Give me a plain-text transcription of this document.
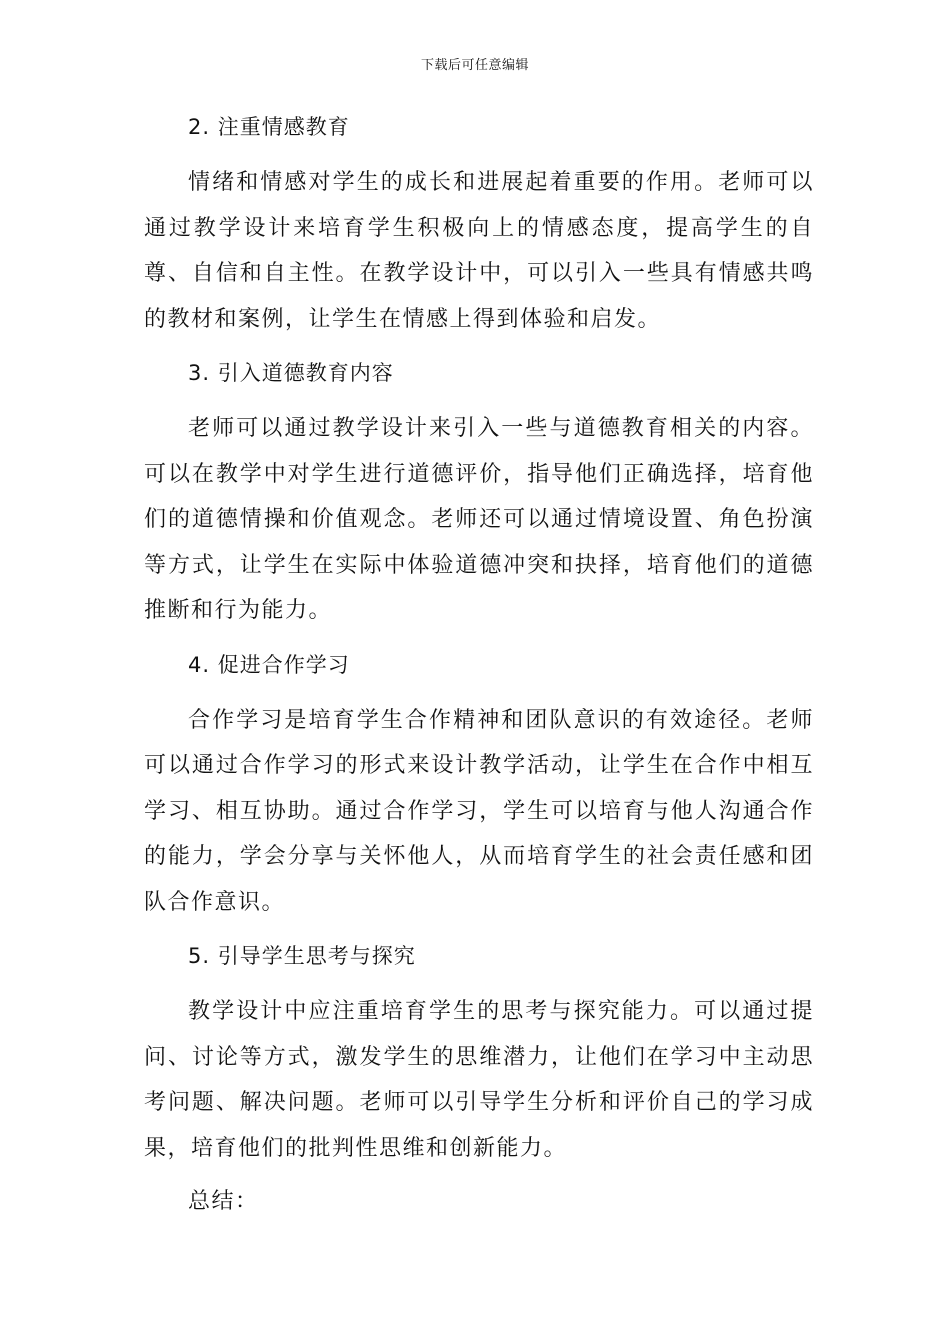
下载后可任意编辑
2. 注重情感教育
情绪和情感对学生的成长和进展起着重要的作用。老师可以通过教学设计来培育学生积极向上的情感态度，提高学生的自尊、自信和自主性。在教学设计中，可以引入一些具有情感共鸣的教材和案例，让学生在情感上得到体验和启发。
3. 引入道德教育内容
老师可以通过教学设计来引入一些与道德教育相关的内容。可以在教学中对学生进行道德评价，指导他们正确选择，培育他们的道德情操和价值观念。老师还可以通过情境设置、角色扮演等方式，让学生在实际中体验道德冲突和抉择，培育他们的道德推断和行为能力。
4. 促进合作学习
合作学习是培育学生合作精神和团队意识的有效途径。老师可以通过合作学习的形式来设计教学活动，让学生在合作中相互学习、相互协助。通过合作学习，学生可以培育与他人沟通合作的能力，学会分享与关怀他人，从而培育学生的社会责任感和团队合作意识。
5. 引导学生思考与探究
教学设计中应注重培育学生的思考与探究能力。可以通过提问、讨论等方式，激发学生的思维潜力，让他们在学习中主动思考问题、解决问题。老师可以引导学生分析和评价自己的学习成果，培育他们的批判性思维和创新能力。
总结：
